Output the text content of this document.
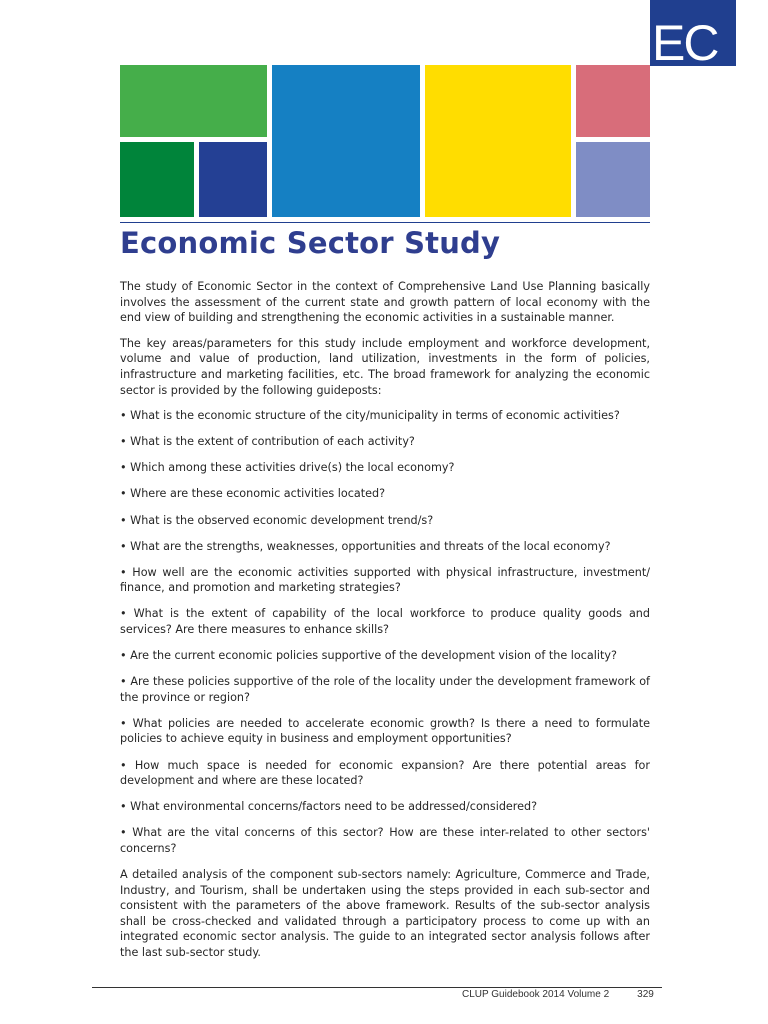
EC
Economic Sector Study

The study of Economic Sector in the context of Comprehensive Land Use Planning basically involves the assessment of the current state and growth pattern of local economy with the end view of building and strengthening the economic activities in a sustainable manner.

The key areas/parameters for this study include employment and workforce development, volume and value of production, land utilization, investments in the form of policies, infrastructure and marketing facilities, etc. The broad framework for analyzing the economic sector is provided by the following guideposts:

• What is the economic structure of the city/municipality in terms of economic activities?
• What is the extent of contribution of each activity?
• Which among these activities drive(s) the local economy?
• Where are these economic activities located?
• What is the observed economic development trend/s?
• What are the strengths, weaknesses, opportunities and threats of the local economy?
• How well are the economic activities supported with physical infrastructure, investment/ finance, and promotion and marketing strategies?
• What is the extent of capability of the local workforce to produce quality goods and services? Are there measures to enhance skills?
• Are the current economic policies supportive of the development vision of the locality?
• Are these policies supportive of the role of the locality under the development framework of the province or region?
• What policies are needed to accelerate economic growth? Is there a need to formulate policies to achieve equity in business and employment opportunities?
• How much space is needed for economic expansion? Are there potential areas for development and where are these located?
• What environmental concerns/factors need to be addressed/considered?
• What are the vital concerns of this sector? How are these inter-related to other sectors' concerns?

A detailed analysis of the component sub-sectors namely: Agriculture, Commerce and Trade, Industry, and Tourism, shall be undertaken using the steps provided in each sub-sector and consistent with the parameters of the above framework. Results of the sub-sector analysis shall be cross-checked and validated through a participatory process to come up with an integrated economic sector analysis. The guide to an integrated sector analysis follows after the last sub-sector study.

CLUP Guidebook 2014 Volume 2	329
